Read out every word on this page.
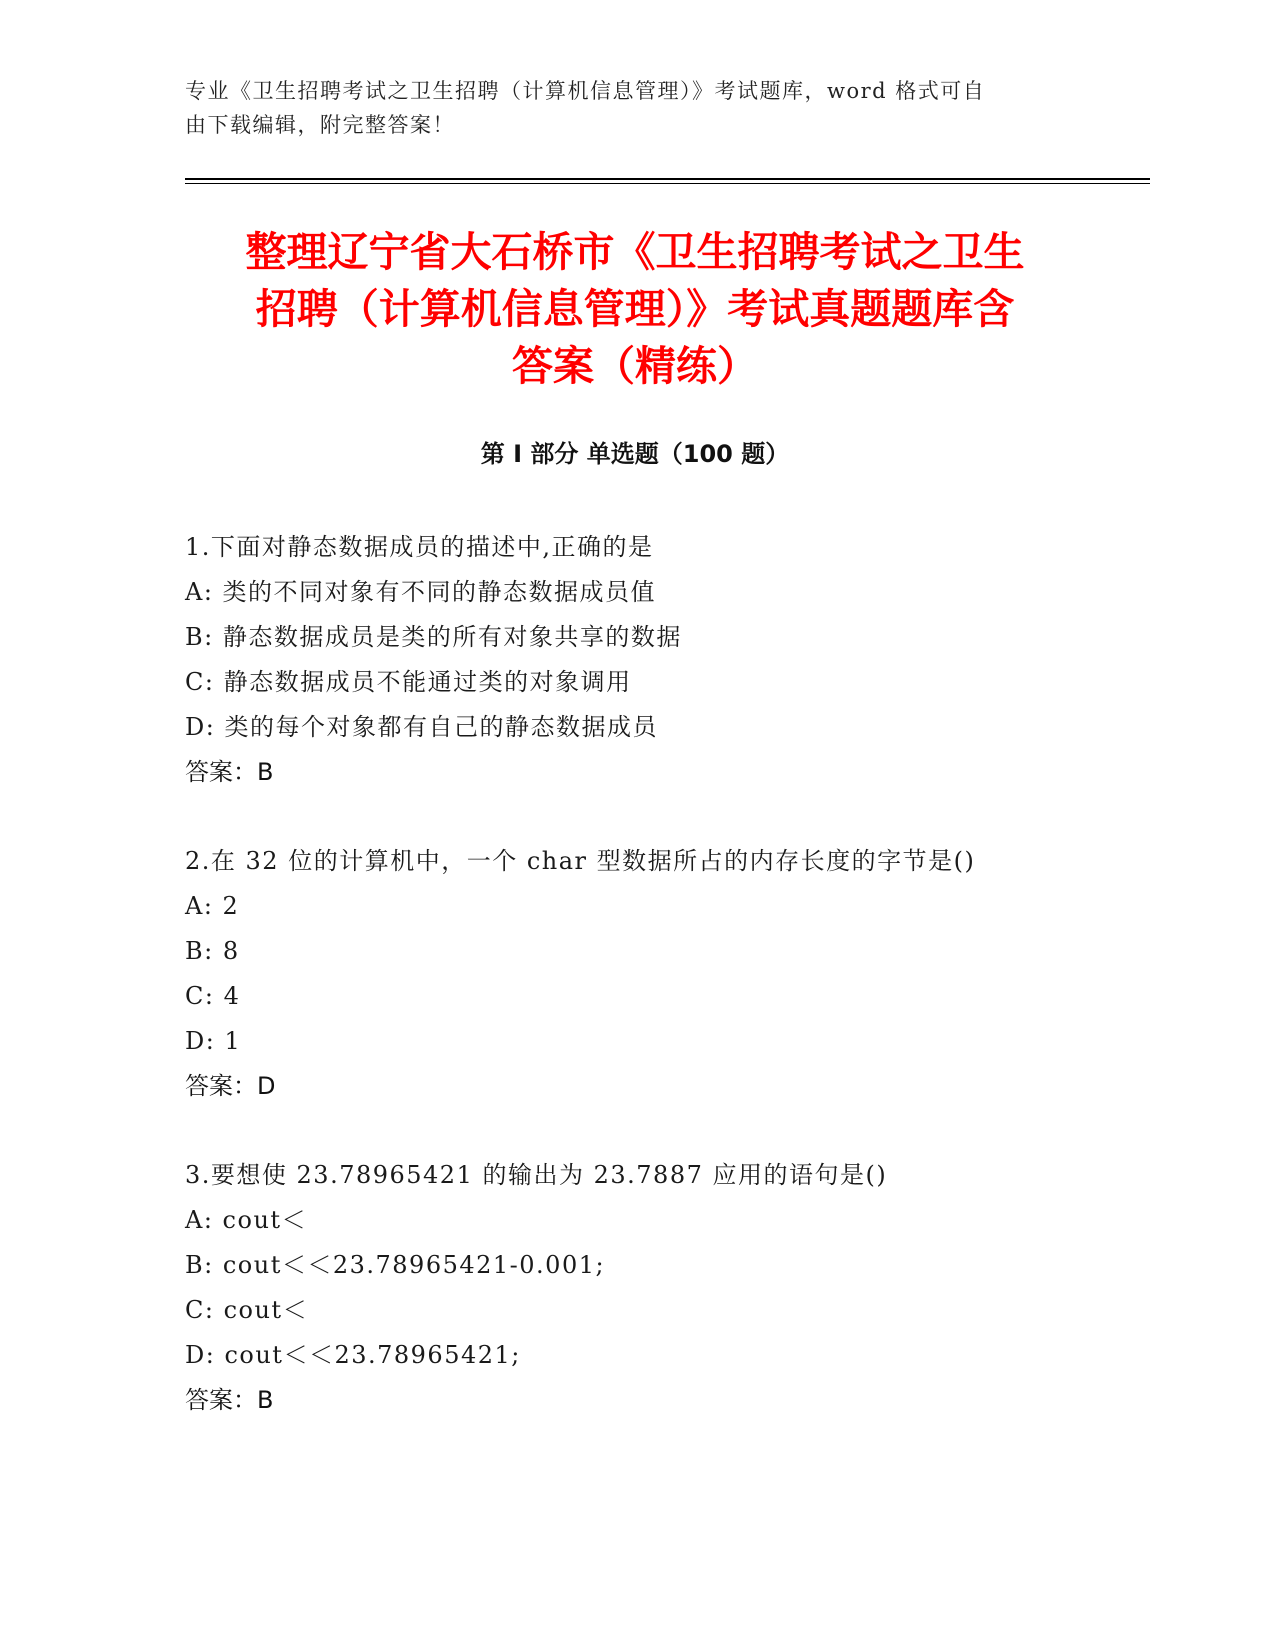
专业《卫生招聘考试之卫生招聘（计算机信息管理）》考试题库，word 格式可自
由下载编辑，附完整答案！
整理辽宁省大石桥市《卫生招聘考试之卫生
招聘（计算机信息管理）》考试真题题库含
答案（精练）
第 I 部分 单选题（100 题）
1.下面对静态数据成员的描述中,正确的是
A: 类的不同对象有不同的静态数据成员值
B: 静态数据成员是类的所有对象共享的数据
C: 静态数据成员不能通过类的对象调用
D: 类的每个对象都有自己的静态数据成员
答案：B
2.在 32 位的计算机中，一个 char 型数据所占的内存长度的字节是()
A: 2
B: 8
C: 4
D: 1
答案：D
3.要想使 23.78965421 的输出为 23.7887 应用的语句是()
A: cout＜
B: cout＜＜23.78965421-0.001;
C: cout＜
D: cout＜＜23.78965421;
答案：B
